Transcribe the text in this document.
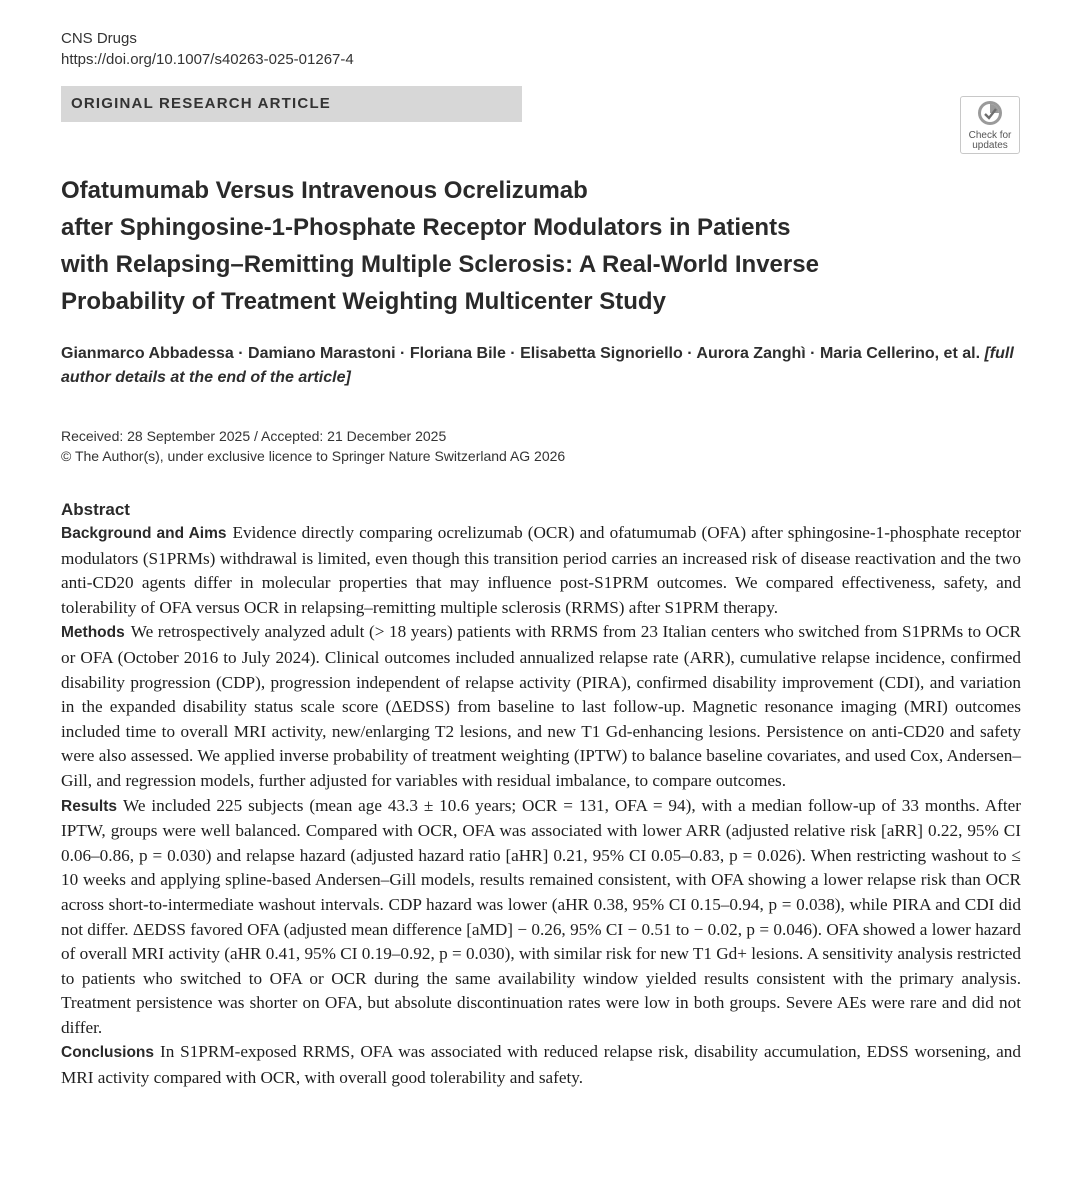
CNS Drugs
https://doi.org/10.1007/s40263-025-01267-4
ORIGINAL RESEARCH ARTICLE
Check for
updates
Ofatumumab Versus Intravenous Ocrelizumab
after Sphingosine-1-Phosphate Receptor Modulators in Patients
with Relapsing–Remitting Multiple Sclerosis: A Real-World Inverse
Probability of Treatment Weighting Multicenter Study
Gianmarco Abbadessa · Damiano Marastoni · Floriana Bile · Elisabetta Signoriello · Aurora Zanghì · Maria Cellerino, et al. [full author details at the end of the article]
Received: 28 September 2025 / Accepted: 21 December 2025
© The Author(s), under exclusive licence to Springer Nature Switzerland AG 2026
Abstract
Background and Aims Evidence directly comparing ocrelizumab (OCR) and ofatumumab (OFA) after sphingosine-1-phosphate receptor modulators (S1PRMs) withdrawal is limited, even though this transition period carries an increased risk of disease reactivation and the two anti-CD20 agents differ in molecular properties that may influence post-S1PRM outcomes. We compared effectiveness, safety, and tolerability of OFA versus OCR in relapsing–remitting multiple sclerosis (RRMS) after S1PRM therapy.
Methods We retrospectively analyzed adult (> 18 years) patients with RRMS from 23 Italian centers who switched from S1PRMs to OCR or OFA (October 2016 to July 2024). Clinical outcomes included annualized relapse rate (ARR), cumulative relapse incidence, confirmed disability progression (CDP), progression independent of relapse activity (PIRA), confirmed disability improvement (CDI), and variation in the expanded disability status scale score (ΔEDSS) from baseline to last follow-up. Magnetic resonance imaging (MRI) outcomes included time to overall MRI activity, new/enlarging T2 lesions, and new T1 Gd-enhancing lesions. Persistence on anti-CD20 and safety were also assessed. We applied inverse probability of treatment weighting (IPTW) to balance baseline covariates, and used Cox, Andersen–Gill, and regression models, further adjusted for variables with residual imbalance, to compare outcomes.
Results We included 225 subjects (mean age 43.3 ± 10.6 years; OCR = 131, OFA = 94), with a median follow-up of 33 months. After IPTW, groups were well balanced. Compared with OCR, OFA was associated with lower ARR (adjusted relative risk [aRR] 0.22, 95% CI 0.06–0.86, p = 0.030) and relapse hazard (adjusted hazard ratio [aHR] 0.21, 95% CI 0.05–0.83, p = 0.026). When restricting washout to ≤ 10 weeks and applying spline-based Andersen–Gill models, results remained consistent, with OFA showing a lower relapse risk than OCR across short-to-intermediate washout intervals. CDP hazard was lower (aHR 0.38, 95% CI 0.15–0.94, p = 0.038), while PIRA and CDI did not differ. ΔEDSS favored OFA (adjusted mean difference [aMD] − 0.26, 95% CI − 0.51 to − 0.02, p = 0.046). OFA showed a lower hazard of overall MRI activity (aHR 0.41, 95% CI 0.19–0.92, p = 0.030), with similar risk for new T1 Gd+ lesions. A sensitivity analysis restricted to patients who switched to OFA or OCR during the same availability window yielded results consistent with the primary analysis. Treatment persistence was shorter on OFA, but absolute discontinuation rates were low in both groups. Severe AEs were rare and did not differ.
Conclusions In S1PRM-exposed RRMS, OFA was associated with reduced relapse risk, disability accumulation, EDSS worsening, and MRI activity compared with OCR, with overall good tolerability and safety.
